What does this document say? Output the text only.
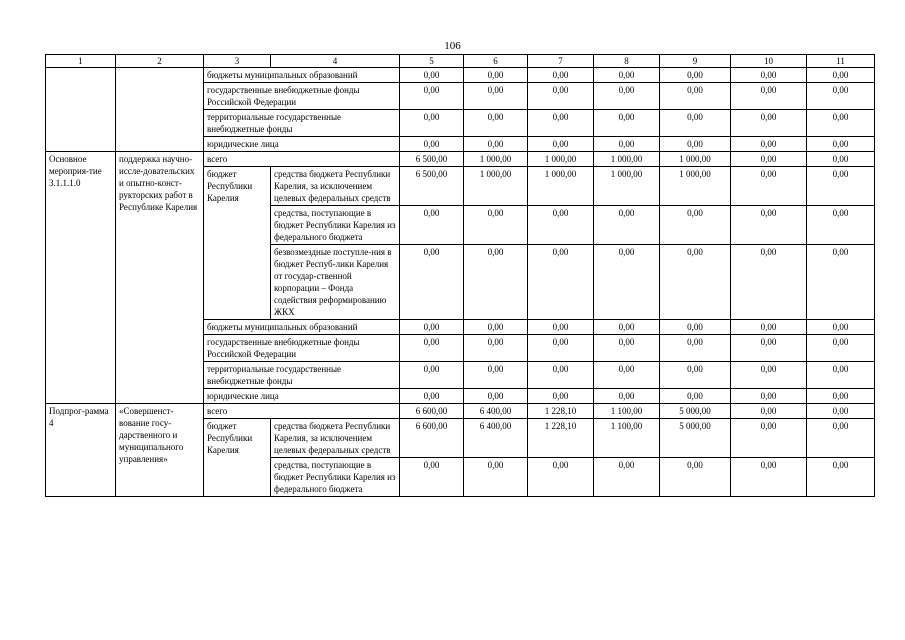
106
1	2	3	4	5	6	7	8	9	10	11
		бюджеты муниципальных образований		0,00	0,00	0,00	0,00	0,00	0,00	0,00
		государственные внебюджетные фонды Российской Федерации		0,00	0,00	0,00	0,00	0,00	0,00	0,00
		территориальные государственные внебюджетные фонды		0,00	0,00	0,00	0,00	0,00	0,00	0,00
		юридические лица		0,00	0,00	0,00	0,00	0,00	0,00	0,00
Основное мероприя-тие 3.1.1.1.0	поддержка научно-иссле-довательских и опытно-конст-рукторских работ в Республике Карелия	всего		6 500,00	1 000,00	1 000,00	1 000,00	1 000,00	0,00	0,00
		бюджет Республики Карелия	средства бюджета Республики Карелия, за исключением целевых федеральных средств	6 500,00	1 000,00	1 000,00	1 000,00	1 000,00	0,00	0,00
			средства, поступающие в бюджет Республики Карелия из федерального бюджета	0,00	0,00	0,00	0,00	0,00	0,00	0,00
			безвозмездные поступле-ния в бюджет Респуб-лики Карелия от государ-ственной корпорации – Фонда содействия реформированию ЖКХ	0,00	0,00	0,00	0,00	0,00	0,00	0,00
		бюджеты муниципальных образований		0,00	0,00	0,00	0,00	0,00	0,00	0,00
		государственные внебюджетные фонды Российской Федерации		0,00	0,00	0,00	0,00	0,00	0,00	0,00
		территориальные государственные внебюджетные фонды		0,00	0,00	0,00	0,00	0,00	0,00	0,00
		юридические лица		0,00	0,00	0,00	0,00	0,00	0,00	0,00
Подпрог-рамма 4	«Совершенст-вование госу-дарственного и муниципального управления»	всего		6 600,00	6 400,00	1 228,10	1 100,00	5 000,00	0,00	0,00
		бюджет Республики Карелия	средства бюджета Республики Карелия, за исключением целевых федеральных средств	6 600,00	6 400,00	1 228,10	1 100,00	5 000,00	0,00	0,00
			средства, поступающие в бюджет Республики Карелия из федерального бюджета	0,00	0,00	0,00	0,00	0,00	0,00	0,00
